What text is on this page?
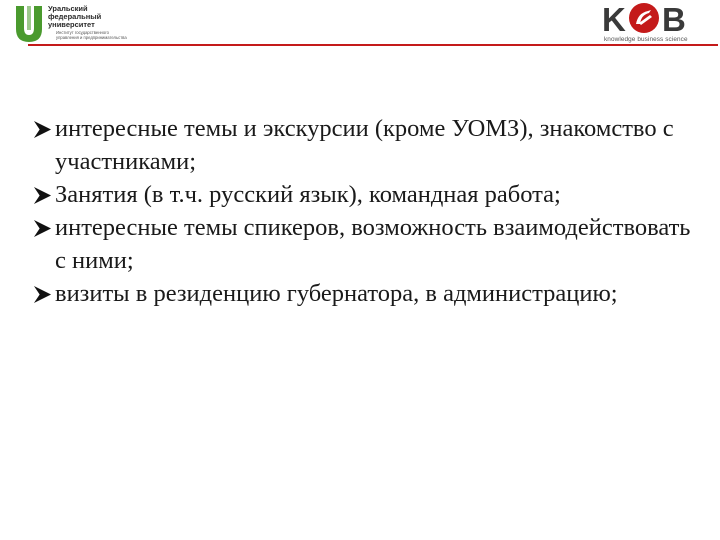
Уральский
федеральный
университет
Институт государственного
управления и предпринимательства	K B
knowledge business science
интересные темы и экскурсии (кроме УОМЗ), знакомство с участниками;
Занятия (в т.ч. русский язык), командная работа;
интересные темы спикеров, возможность взаимодействовать с ними;
визиты в резиденцию губернатора, в администрацию;
